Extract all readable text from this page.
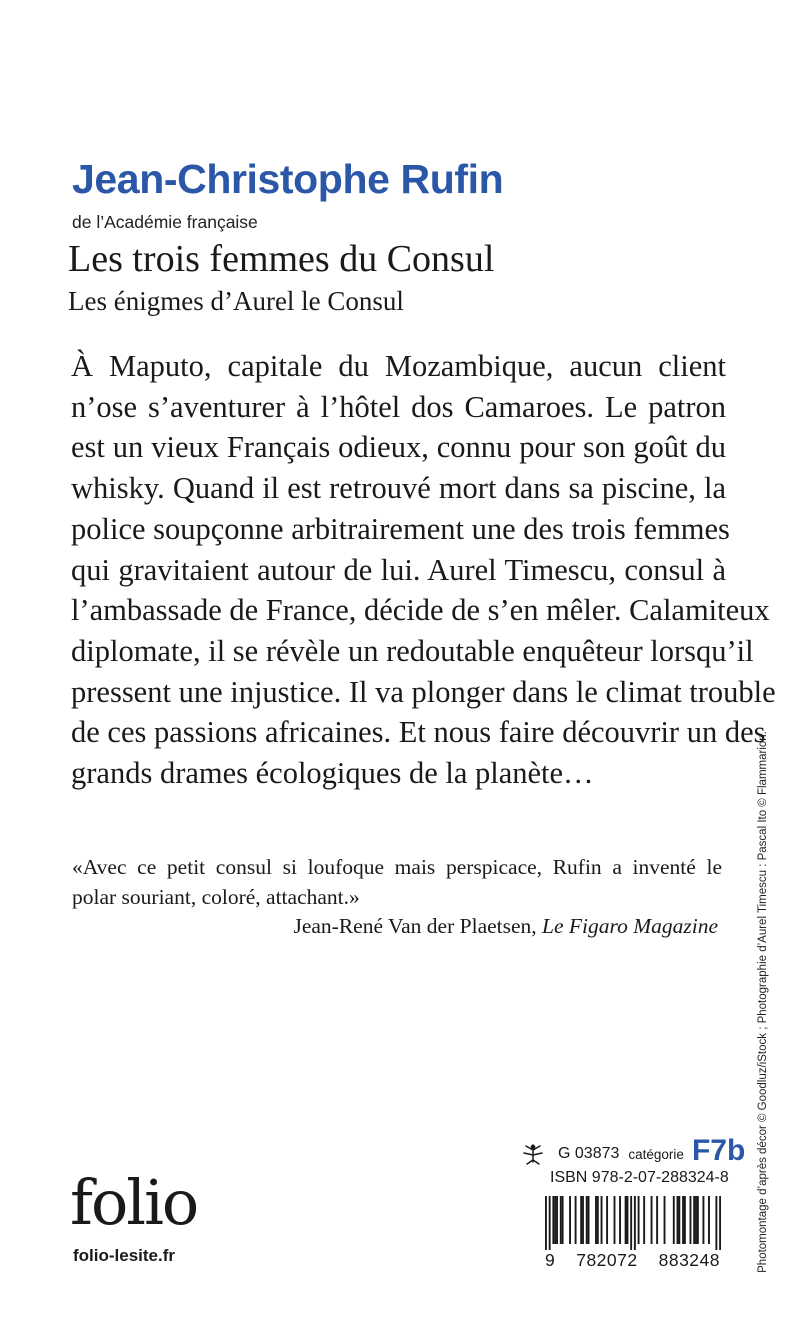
Jean-Christophe Rufin
de l’Académie française
Les trois femmes du Consul
Les énigmes d’Aurel le Consul
À Maputo, capitale du Mozambique, aucun client
n’ose s’aventurer à l’hôtel dos Camaroes. Le patron
est un vieux Français odieux, connu pour son goût du
whisky. Quand il est retrouvé mort dans sa piscine, la
police soupçonne arbitrairement une des trois femmes
qui gravitaient autour de lui. Aurel Timescu, consul à
l’ambassade de France, décide de s’en mêler. Calamiteux
diplomate, il se révèle un redoutable enquêteur lorsqu’il
pressent une injustice. Il va plonger dans le climat trouble
de ces passions africaines. Et nous faire découvrir un des
grands drames écologiques de la planète…
«Avec ce petit consul si loufoque mais perspicace, Rufin a inventé le
polar souriant, coloré, attachant.»
Jean-René Van der Plaetsen, Le Figaro Magazine	Photomontage d’après décor © Goodluz/iStock ; Photographie d’Aurel Timescu : Pascal Ito © Flammarion.
G 03873 catégorie F7b
ISBN 978-2-07-288324-8
folio
folio-lesite.fr	9 782072 883248
